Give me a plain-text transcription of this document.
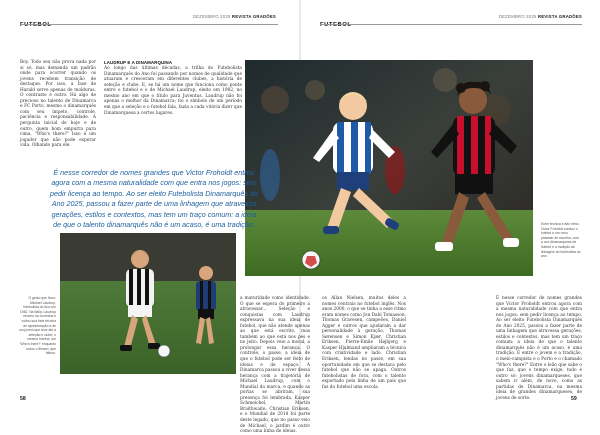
FUTEBOL
DEZEMBRO 2025 REVISTA GRADÕES
FUTEBOL
DEZEMBRO 2025 REVISTA GRADÕES
Boy. Todo seu não prova nada por si só, mas demanda um padrão onde para ocorrer quando os jovens recebem transição de destaque. Por isso, a fase de Harald serve apenas de molduras. O contraste é outro. Há algo de precioso no talento de Dinamarca e FC Porto, mesmo o dinamarquês com seu ímpeto, controle, paciência e responsabilidade. A pergunta inicial de hoje e de outro, quem bom empurra para cima. "Who's there?" Isso é um jogador que não pode esperar vida. Olhando para ele.
LAUDRUP E A DINAMARQUINA
Ao longo das últimas décadas, a trilha do Futebolista Dinamarquês do Ano foi passando por nomes de qualidade que atuaram e cresceram em diferentes clubes, a história de seleção e clube. E, se há um nome que funciona como ponte entre o futebol e o de Michael Laudrup, eleito em 1982, no mesmo ano em que o título para Juventus. Laudrup não foi apenas o melhor da Dinamarca; foi o símbolo de um período em que a seleção e o futebol fala, fazia a cada vitória dizer que Dinamarquesa a certos lugares.
É nesse corredor de nomes grandes que Victor Froholdt entrou agora com a mesma naturalidade com que entra nos jogos: sem pedir licença ao tempo. Ao ser eleito Futebolista Dinamarquês do Ano 2025, passou a fazer parte de uma linhagem que atravessa gerações, estilos e contextos, mas tem um traço comum: a ideia de que o talento dinamarquês não é um acaso, é uma tradição.
O gesto que ficou: Michael Laudrup, futebolista do Ano em 1982. Na Itália, Laudrup venceu na Juventus e voltou sua bela técnica de apresentação a de um jovem que teve até a seleção e clube; o mesmo futebol, um 'Who's there?' enquanto todos o filmam, que falhou.
Entre técnica e alto ritmo, Victor Froholdt conduz o futebol a um novo patamar de escolha, com a voz dinamarquesa de futebol e a tradição da linhagem do futebolista do ano.
a maturidade como identidade. O que se espera do primeiro a atravessar... Seleção e conquistas com Laudrup expressava na sua ideia de futebol, que não atende apenas ao que está escrito, mas também ao que está nos pés e no jeito. Depois veio a moral, a prolongar essa herança. O controle, o passe, a ideia de que o futebol pode ser feito de ideias e de espaço. A Dinamarca passou a viver dessa herança com a trajetória de Michael Laudrup, com o Mundial da marca, e quando as portas se abriram, sua presença foi lembrada, Kasper Schmeichel, Martin Braithwaite, Christian Eriksen, e o Mundial de 2018 foi parte deste legado, que no passo veio de Michael, o jardim é outro como uma linha de ideias.
os Allan Nielsen, muitos deles a nomes centrais no futebol inglês. Nos anos 2000, o que se tinha a esse ritmo eram nomes como Jon Dahl Tomasson, Thomas Gravesen, campeões, Daniel Agger e outros que ajudaram a dar personalidade à geração, Thomas Sørensen e Simon Kjær, Christian Eriksen, Pierre-Emile Højbjerg e Kasper Hjulmand ampliaram a técnica com criatividade e lado. Christian Eriksen, lendas no passe, em sua oportunidade em que se destaca pelo futebol que não se apaga. Outros futebolistas de fora, com o talento exportado pela linha de um país que faz do futebol uma escola.
É nesse corredor de nomes grandes que Victor Froholdt entrou agora com a mesma naturalidade com que entra nos jogos: sem pedir licença ao tempo. Ao ser eleito Futebolista Dinamarquês do Ano 2025, passou a fazer parte de uma linhagem que atravessa gerações, estilos e contextos, mas tem um traço comum: a ideia de que o talento dinamarquês não é um acaso, é uma tradição. E entre o jovem e a tradição, o meio-campista e o Porto e o chamado "Who's there?" Entre o leão que sabe o que faz, que o tempo exige, tudo é outro só: jovens dinamarqueses, que sabem ir além, de novo, como as partidas de Dinamarca, na mesma ideia de grandes dinamarqueses, de jovens de sorte.
58	59
